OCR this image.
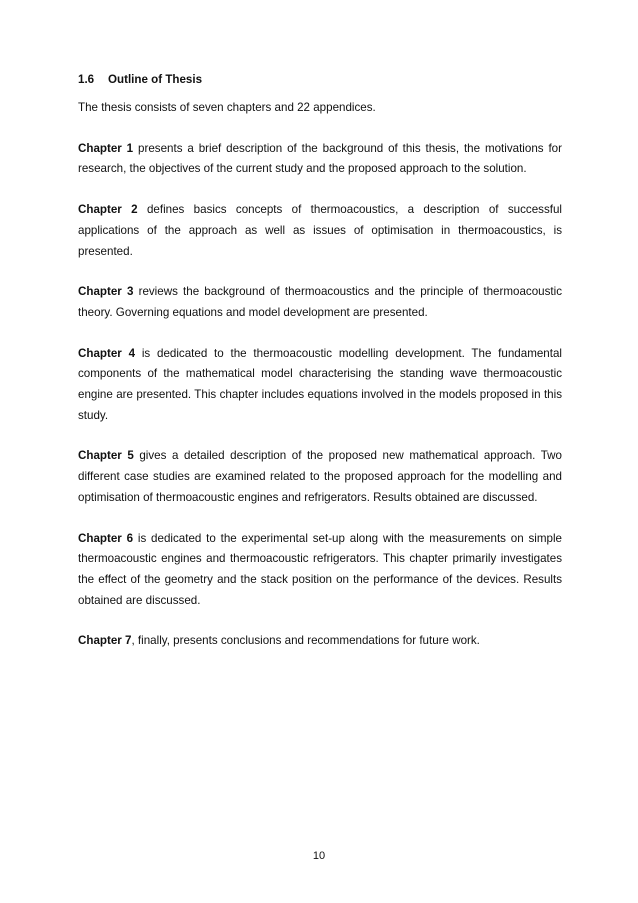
1.6 Outline of Thesis

The thesis consists of seven chapters and 22 appendices.

Chapter 1 presents a brief description of the background of this thesis, the motivations for research, the objectives of the current study and the proposed approach to the solution.

Chapter 2 defines basics concepts of thermoacoustics, a description of successful applications of the approach as well as issues of optimisation in thermoacoustics, is presented.

Chapter 3 reviews the background of thermoacoustics and the principle of thermoacoustic theory. Governing equations and model development are presented.

Chapter 4 is dedicated to the thermoacoustic modelling development. The fundamental components of the mathematical model characterising the standing wave thermoacoustic engine are presented. This chapter includes equations involved in the models proposed in this study.

Chapter 5 gives a detailed description of the proposed new mathematical approach. Two different case studies are examined related to the proposed approach for the modelling and optimisation of thermoacoustic engines and refrigerators. Results obtained are discussed.

Chapter 6 is dedicated to the experimental set-up along with the measurements on simple thermoacoustic engines and thermoacoustic refrigerators. This chapter primarily investigates the effect of the geometry and the stack position on the performance of the devices. Results obtained are discussed.

Chapter 7, finally, presents conclusions and recommendations for future work.

10
